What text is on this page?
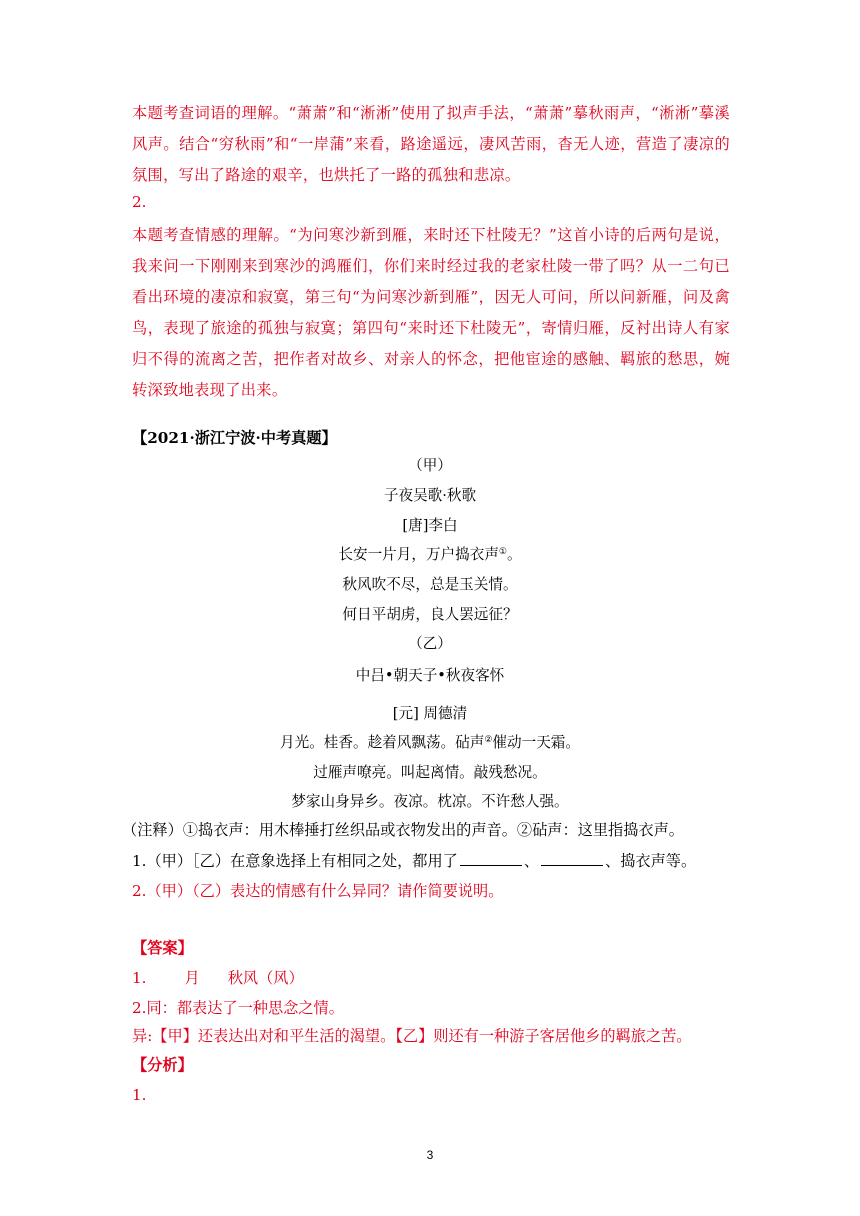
本题考查词语的理解。“萧萧”和“淅淅”使用了拟声手法，“萧萧”摹秋雨声，“淅淅”摹溪风声。结合“穷秋雨”和“一岸蒲”来看，路途遥远，凄风苦雨，杳无人迹，营造了凄凉的氛围，写出了路途的艰辛，也烘托了一路的孤独和悲凉。

2.

本题考查情感的理解。“为问寒沙新到雁，来时还下杜陵无？”这首小诗的后两句是说，我来问一下刚刚来到寒沙的鸿雁们，你们来时经过我的老家杜陵一带了吗？从一二句已看出环境的凄凉和寂寞，第三句“为问寒沙新到雁”，因无人可问，所以问新雁，问及禽鸟，表现了旅途的孤独与寂寞；第四句“来时还下杜陵无”，寄情归雁，反衬出诗人有家归不得的流离之苦，把作者对故乡、对亲人的怀念，把他宦途的感触、羁旅的愁思，婉转深致地表现了出来。

【2021·浙江宁波·中考真题】

（甲）

子夜吴歌·秋歌

[唐]李白

长安一片月，万户捣衣声①。

秋风吹不尽，总是玉关情。

何日平胡虏，良人罢远征？

（乙）

中吕•朝天子•秋夜客怀

[元] 周德清

月光。桂香。趁着风飘荡。砧声②催动一天霜。

过雁声嘹亮。叫起离情。敲残愁况。

梦家山身异乡。夜凉。枕凉。不许愁人强。

（注释）①捣衣声：用木棒捶打丝织品或衣物发出的声音。②砧声：这里指捣衣声。

1.（甲）［乙）在意象选择上有相同之处，都用了	、	、捣衣声等。

2.（甲）（乙）表达的情感有什么异同？请作简要说明。

【答案】

1.	月 秋风（风）

2.同：都表达了一种思念之情。

异:【甲】还表达出对和平生活的渴望。【乙】则还有一种游子客居他乡的羁旅之苦。

【分析】

1.

3
